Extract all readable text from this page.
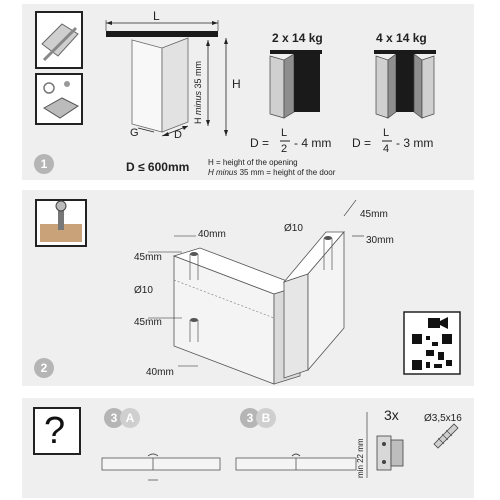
L
H
H minus 35 mm
G	D
2 x 14 kg	4 x 14 kg
D =
L
2 - 4 mm D =
L
4 - 3 mm
D ≤ 600mm H = height of the opening
H minus 35 mm = height of the door
1
40mm
45mm
Ø10
45mm
40mm
Ø10
45mm
30mm
2
?	3 A	3 B
min 22 mm
3x	Ø3,5x16
